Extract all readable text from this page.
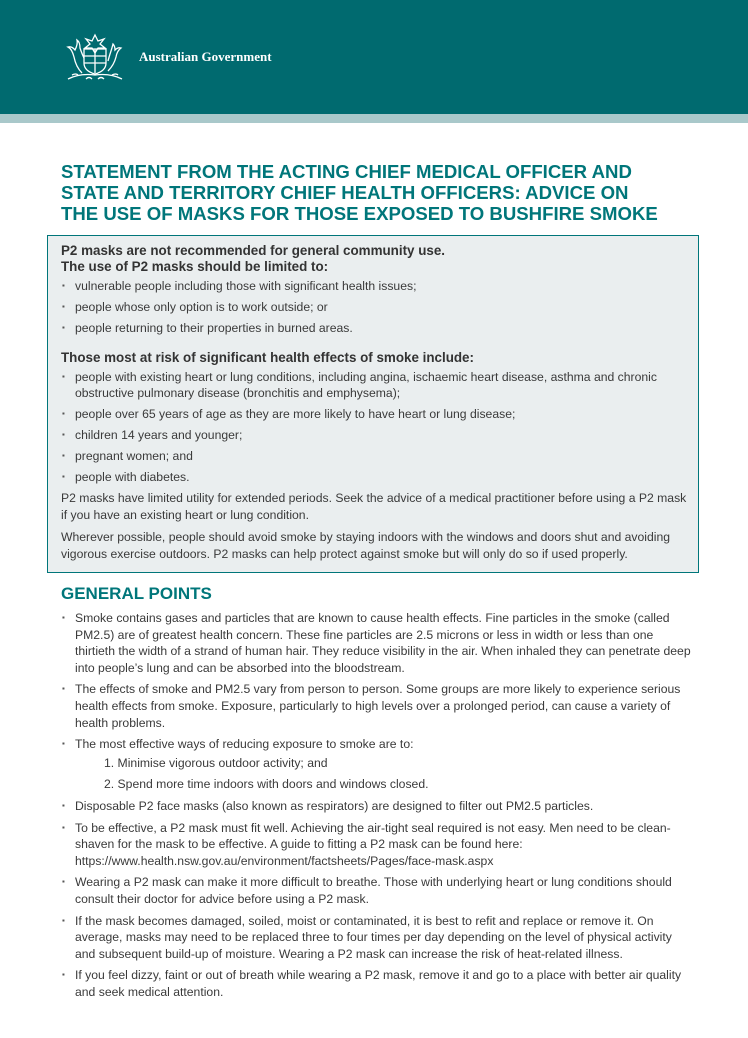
Australian Government
STATEMENT FROM THE ACTING CHIEF MEDICAL OFFICER AND
STATE AND TERRITORY CHIEF HEALTH OFFICERS: ADVICE ON
THE USE OF MASKS FOR THOSE EXPOSED TO BUSHFIRE SMOKE
P2 masks are not recommended for general community use.
The use of P2 masks should be limited to:
▪ vulnerable people including those with significant health issues;
▪ people whose only option is to work outside; or
▪ people returning to their properties in burned areas.
Those most at risk of significant health effects of smoke include:
▪ people with existing heart or lung conditions, including angina, ischaemic heart disease, asthma and chronic obstructive pulmonary disease (bronchitis and emphysema);
▪ people over 65 years of age as they are more likely to have heart or lung disease;
▪ children 14 years and younger;
▪ pregnant women; and
▪ people with diabetes.

P2 masks have limited utility for extended periods. Seek the advice of a medical practitioner before using a P2 mask if you have an existing heart or lung condition.

Wherever possible, people should avoid smoke by staying indoors with the windows and doors shut and avoiding vigorous exercise outdoors. P2 masks can help protect against smoke but will only do so if used properly.

GENERAL POINTS
▪ Smoke contains gases and particles that are known to cause health effects. Fine particles in the smoke (called PM2.5) are of greatest health concern. These fine particles are 2.5 microns or less in width or less than one thirtieth the width of a strand of human hair. They reduce visibility in the air. When inhaled they can penetrate deep into people’s lung and can be absorbed into the bloodstream.
▪ The effects of smoke and PM2.5 vary from person to person. Some groups are more likely to experience serious health effects from smoke. Exposure, particularly to high levels over a prolonged period, can cause a variety of health problems.
▪ The most effective ways of reducing exposure to smoke are to:
1. Minimise vigorous outdoor activity; and
2. Spend more time indoors with doors and windows closed.
▪ Disposable P2 face masks (also known as respirators) are designed to filter out PM2.5 particles.
▪ To be effective, a P2 mask must fit well. Achieving the air-tight seal required is not easy. Men need to be clean-shaven for the mask to be effective. A guide to fitting a P2 mask can be found here: https://www.health.nsw.gov.au/environment/factsheets/Pages/face-mask.aspx
▪ Wearing a P2 mask can make it more difficult to breathe. Those with underlying heart or lung conditions should consult their doctor for advice before using a P2 mask.
▪ If the mask becomes damaged, soiled, moist or contaminated, it is best to refit and replace or remove it. On average, masks may need to be replaced three to four times per day depending on the level of physical activity and subsequent build-up of moisture. Wearing a P2 mask can increase the risk of heat-related illness.
▪ If you feel dizzy, faint or out of breath while wearing a P2 mask, remove it and go to a place with better air quality and seek medical attention.
